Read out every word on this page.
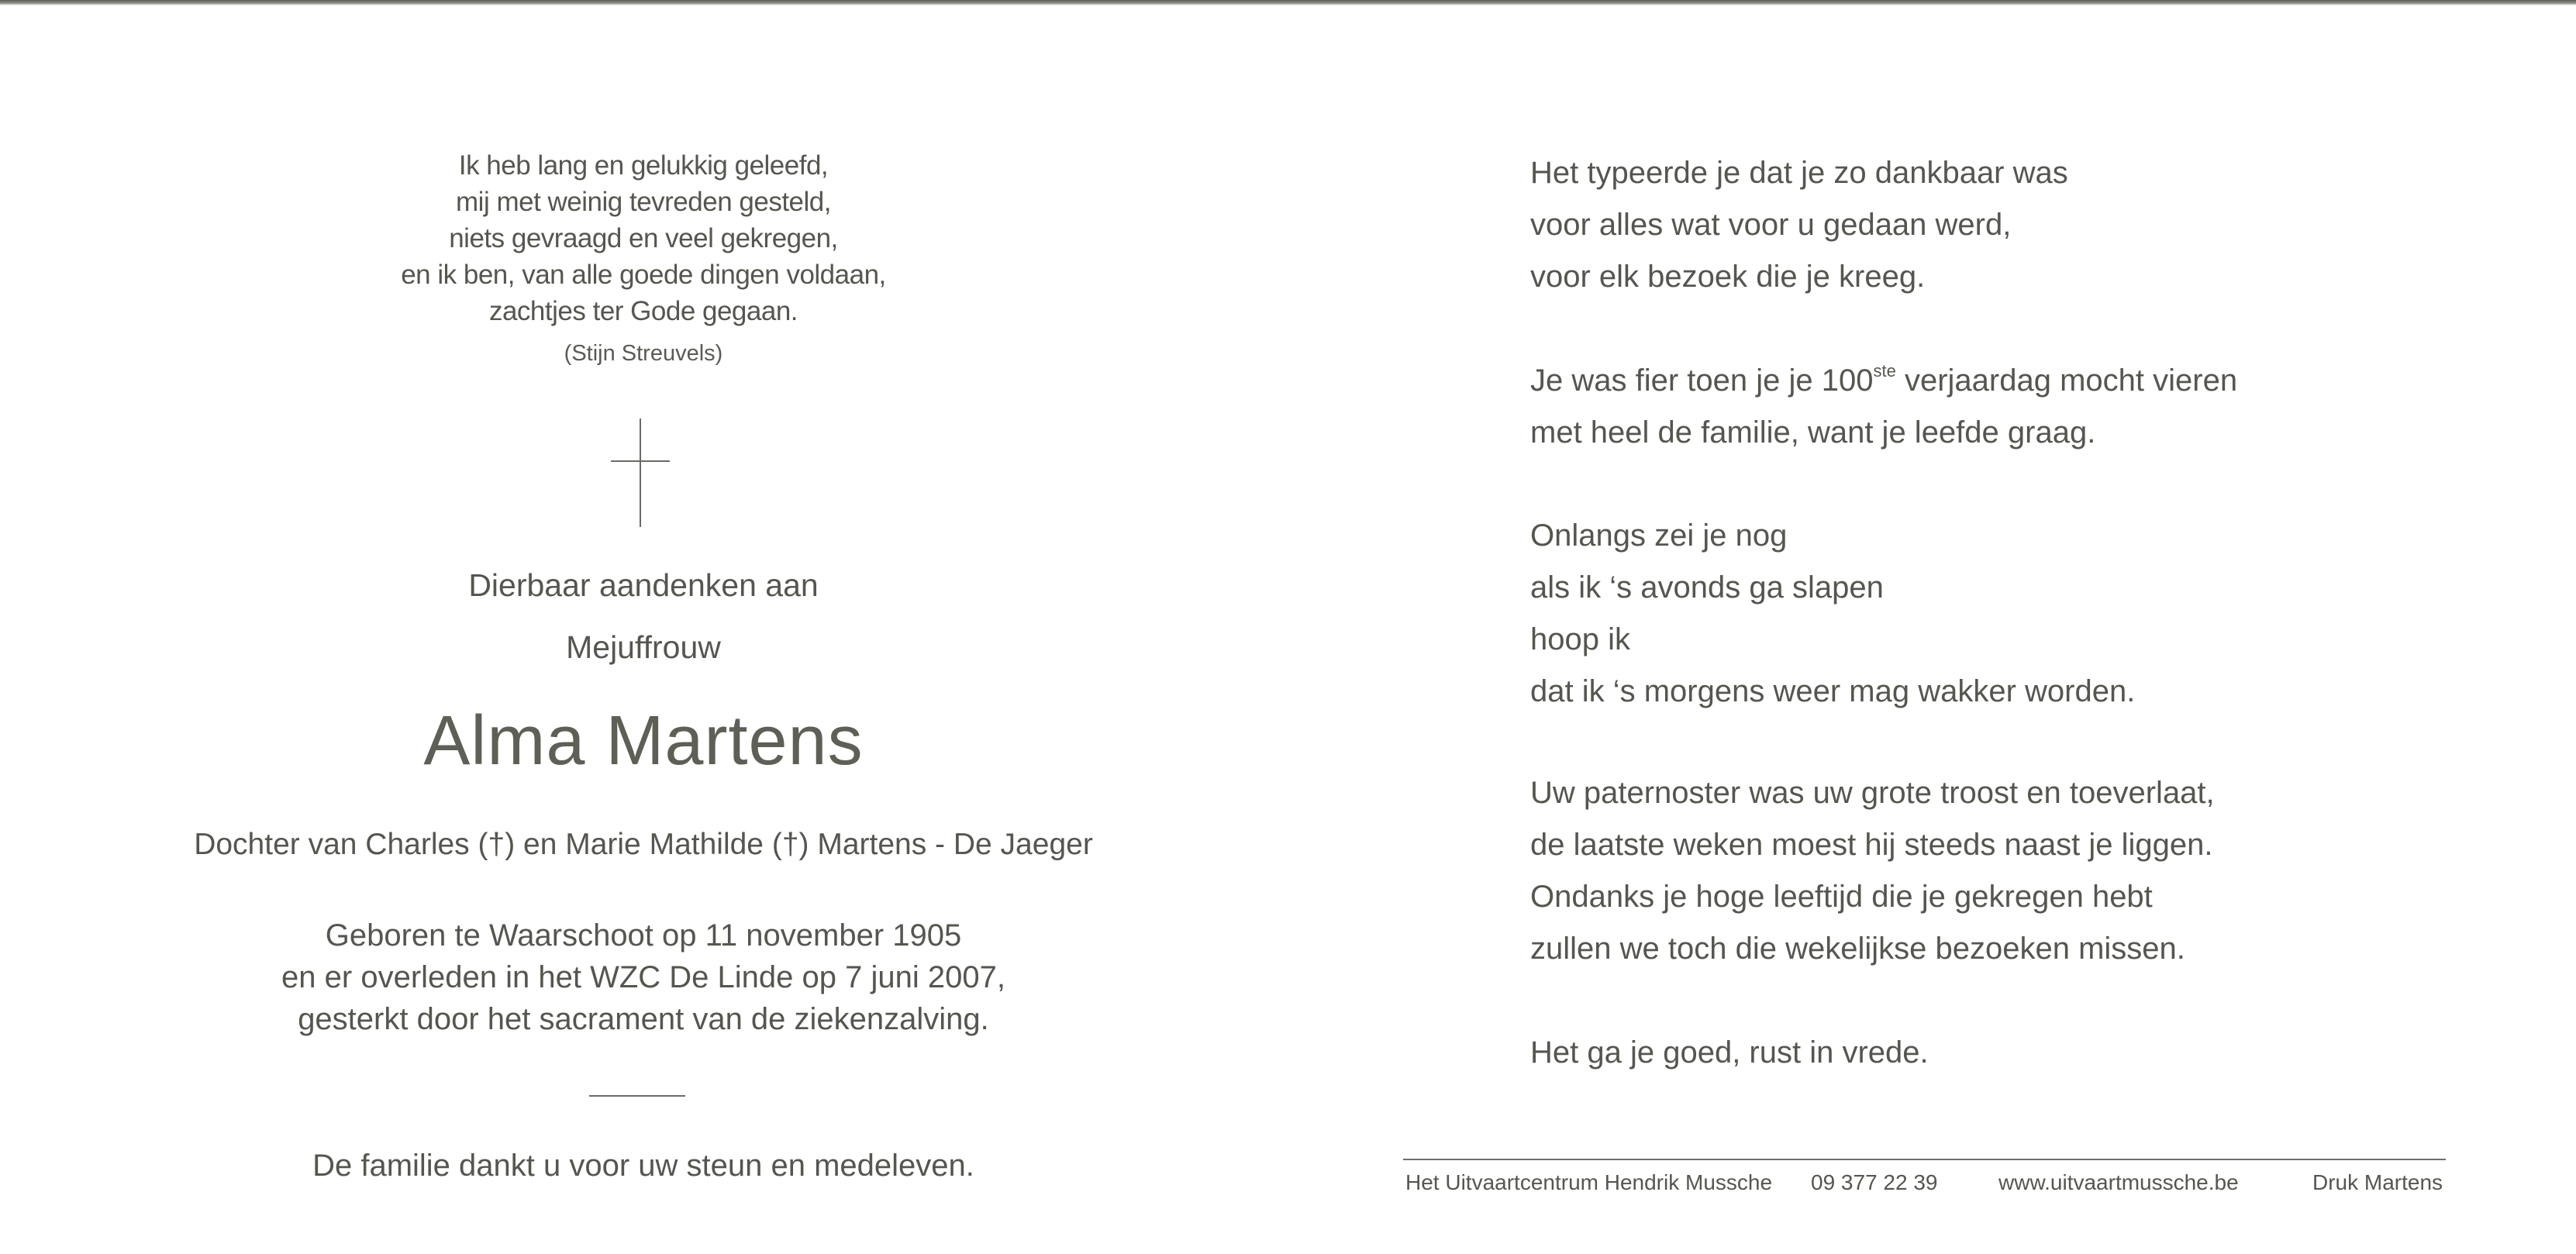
Ik heb lang en gelukkig geleefd,
mij met weinig tevreden gesteld,
niets gevraagd en veel gekregen,
en ik ben, van alle goede dingen voldaan,
zachtjes ter Gode gegaan.
(Stijn Streuvels)
Dierbaar aandenken aan
Mejuffrouw
Alma Martens
Dochter van Charles (†) en Marie Mathilde (†) Martens - De Jaeger
Geboren te Waarschoot op 11 november 1905
en er overleden in het WZC De Linde op 7 juni 2007,
gesterkt door het sacrament van de ziekenzalving.
De familie dankt u voor uw steun en medeleven.
Het typeerde je dat je zo dankbaar was
voor alles wat voor u gedaan werd,
voor elk bezoek die je kreeg.
Je was fier toen je je 100ste verjaardag mocht vieren
met heel de familie, want je leefde graag.
Onlangs zei je nog
als ik ‘s avonds ga slapen
hoop ik
dat ik ‘s morgens weer mag wakker worden.
Uw paternoster was uw grote troost en toeverlaat,
de laatste weken moest hij steeds naast je liggen.
Ondanks je hoge leeftijd die je gekregen hebt
zullen we toch die wekelijkse bezoeken missen.
Het ga je goed, rust in vrede.
Het Uitvaartcentrum Hendrik Mussche 09 377 22 39	www.uitvaartmussche.be	Druk Martens
